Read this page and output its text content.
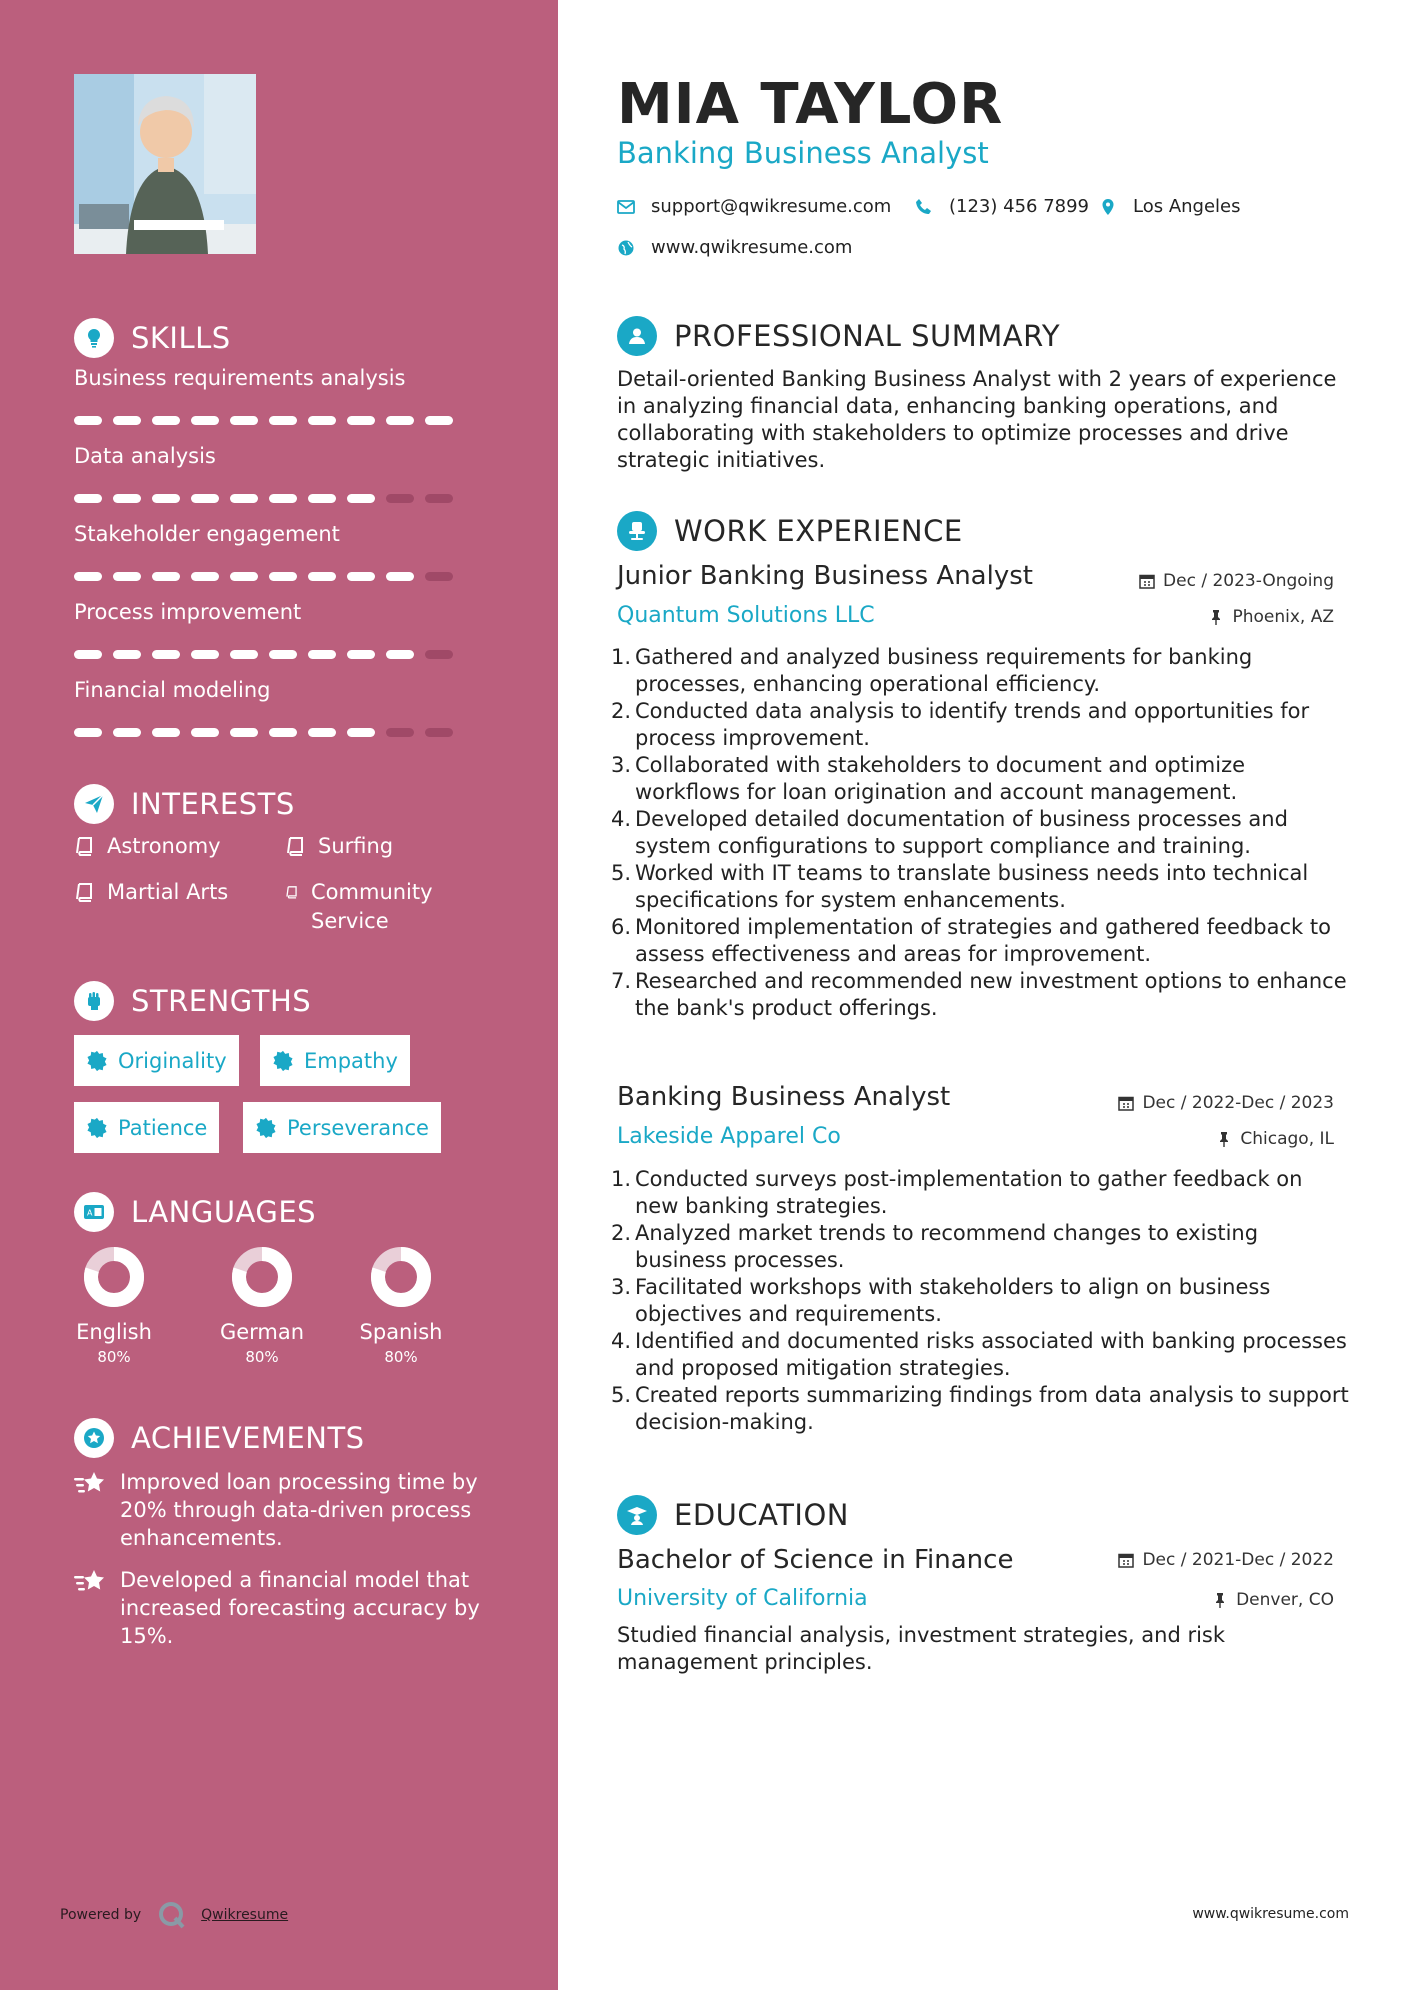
SKILLS
Business requirements analysis
Data analysis
Stakeholder engagement
Process improvement
Financial modeling
INTERESTS
Astronomy	Surfing
Martial Arts	Community Service
STRENGTHS
Originality	Empathy
Patience	Perseverance
A LANGUAGES
English
80%
German
80%
Spanish
80%
ACHIEVEMENTS
Improved loan processing time by 20% through data-driven process enhancements.
Developed a financial model that increased forecasting accuracy by 15%.
Powered by	Qwikresume
MIA TAYLOR
Banking Business Analyst
support@qwikresume.com	(123) 456 7899 Los Angeles
www.qwikresume.com
PROFESSIONAL SUMMARY
Detail-oriented Banking Business Analyst with 2 years of experience in analyzing financial data, enhancing banking operations, and collaborating with stakeholders to optimize processes and drive strategic initiatives.
WORK EXPERIENCE
Junior Banking Business Analyst	Dec / 2023-Ongoing
Quantum Solutions LLC	Phoenix, AZ
Gathered and analyzed business requirements for banking processes, enhancing operational efficiency.
Conducted data analysis to identify trends and opportunities for process improvement.
Collaborated with stakeholders to document and optimize workflows for loan origination and account management.
Developed detailed documentation of business processes and system configurations to support compliance and training.
Worked with IT teams to translate business needs into technical specifications for system enhancements.
Monitored implementation of strategies and gathered feedback to assess effectiveness and areas for improvement.
Researched and recommended new investment options to enhance the bank's product offerings.
Banking Business Analyst	Dec / 2022-Dec / 2023
Lakeside Apparel Co	Chicago, IL
Conducted surveys post-implementation to gather feedback on new banking strategies.
Analyzed market trends to recommend changes to existing business processes.
Facilitated workshops with stakeholders to align on business objectives and requirements.
Identified and documented risks associated with banking processes and proposed mitigation strategies.
Created reports summarizing findings from data analysis to support decision-making.
EDUCATION
Bachelor of Science in Finance	Dec / 2021-Dec / 2022
University of California	Denver, CO
Studied financial analysis, investment strategies, and risk management principles.
www.qwikresume.com
